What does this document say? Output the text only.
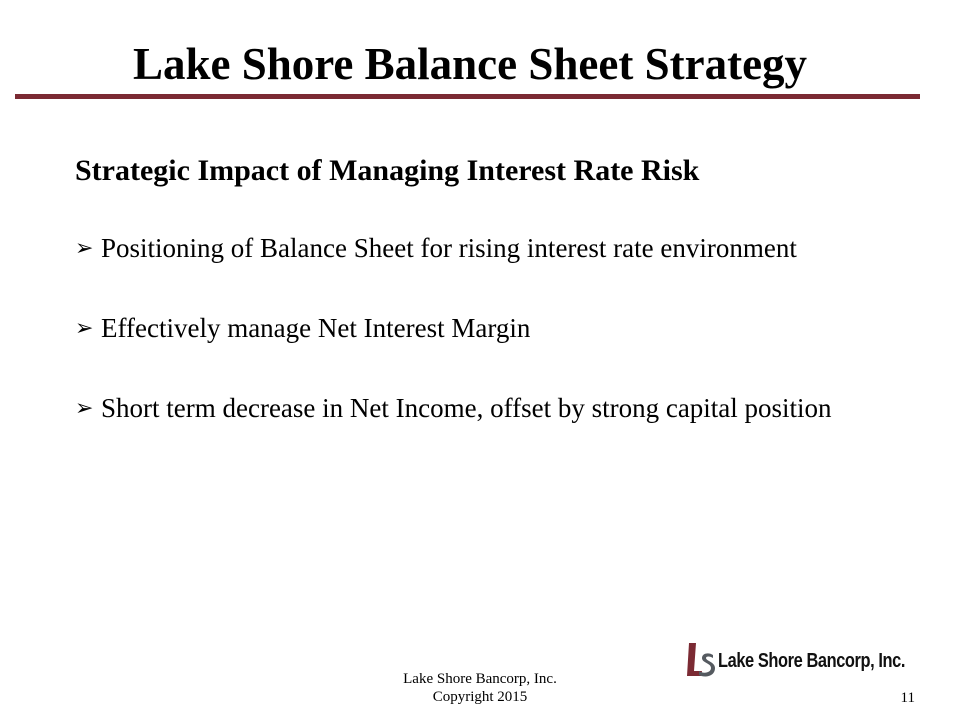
Lake Shore Balance Sheet Strategy
Strategic Impact of Managing Interest Rate Risk
➢ Positioning of Balance Sheet for rising interest rate environment
➢ Effectively manage Net Interest Margin
➢ Short term decrease in Net Income, offset by strong capital position
Lake Shore Bancorp, Inc.
Copyright 2015
Lake Shore Bancorp, Inc.
11
